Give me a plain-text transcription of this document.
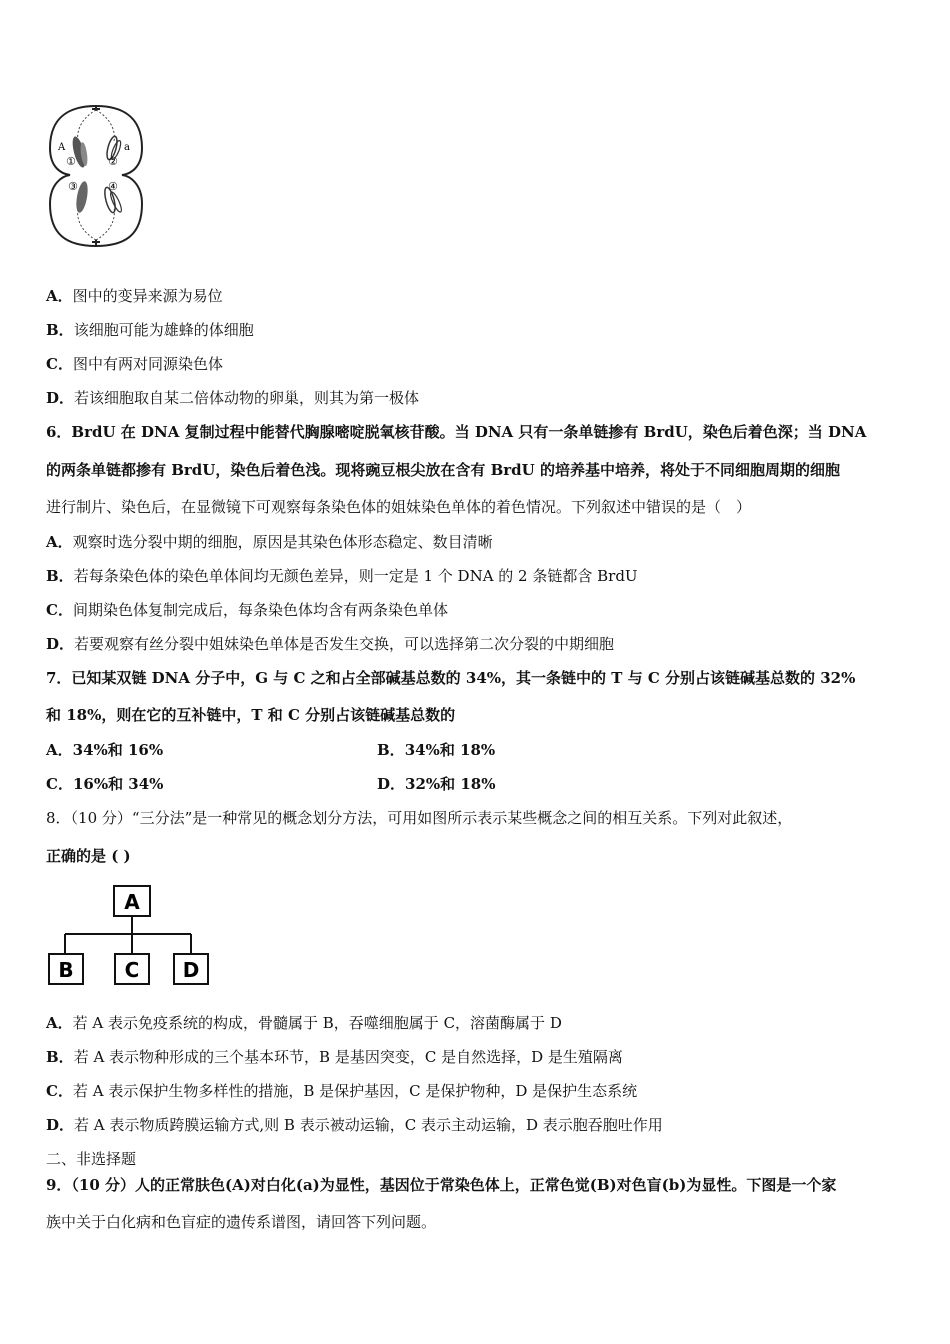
A	a
①	②
③	④
A．图中的变异来源为易位
B．该细胞可能为雄蜂的体细胞
C．图中有两对同源染色体
D．若该细胞取自某二倍体动物的卵巢，则其为第一极体
6．BrdU 在 DNA 复制过程中能替代胸腺嘧啶脱氧核苷酸。当 DNA 只有一条单链掺有 BrdU，染色后着色深；当 DNA
的两条单链都掺有 BrdU，染色后着色浅。现将豌豆根尖放在含有 BrdU 的培养基中培养，将处于不同细胞周期的细胞
进行制片、染色后，在显微镜下可观察每条染色体的姐妹染色单体的着色情况。下列叙述中错误的是（　）
A．观察时选分裂中期的细胞，原因是其染色体形态稳定、数目清晰
B．若每条染色体的染色单体间均无颜色差异，则一定是 1 个 DNA 的 2 条链都含 BrdU
C．间期染色体复制完成后，每条染色体均含有两条染色单体
D．若要观察有丝分裂中姐妹染色单体是否发生交换，可以选择第二次分裂的中期细胞
7．已知某双链 DNA 分子中，G 与 C 之和占全部碱基总数的 34%，其一条链中的 T 与 C 分别占该链碱基总数的 32%
和 18%，则在它的互补链中，T 和 C 分别占该链碱基总数的
A．34%和 16%	B．34%和 18%
C．16%和 34%	D．32%和 18%
8．（10 分）“三分法”是一种常见的概念划分方法，可用如图所示表示某些概念之间的相互关系。下列对此叙述，
正确的是 ( )
A
B	C D
A．若 A 表示免疫系统的构成，骨髓属于 B，吞噬细胞属于 C，溶菌酶属于 D
B．若 A 表示物种形成的三个基本环节，B 是基因突变，C 是自然选择，D 是生殖隔离
C．若 A 表示保护生物多样性的措施，B 是保护基因，C 是保护物种，D 是保护生态系统
D．若 A 表示物质跨膜运输方式,则 B 表示被动运输，C 表示主动运输，D 表示胞吞胞吐作用
二、非选择题
9．（10 分）人的正常肤色(A)对白化(a)为显性，基因位于常染色体上，正常色觉(B)对色盲(b)为显性。下图是一个家
族中关于白化病和色盲症的遗传系谱图，请回答下列问题。
